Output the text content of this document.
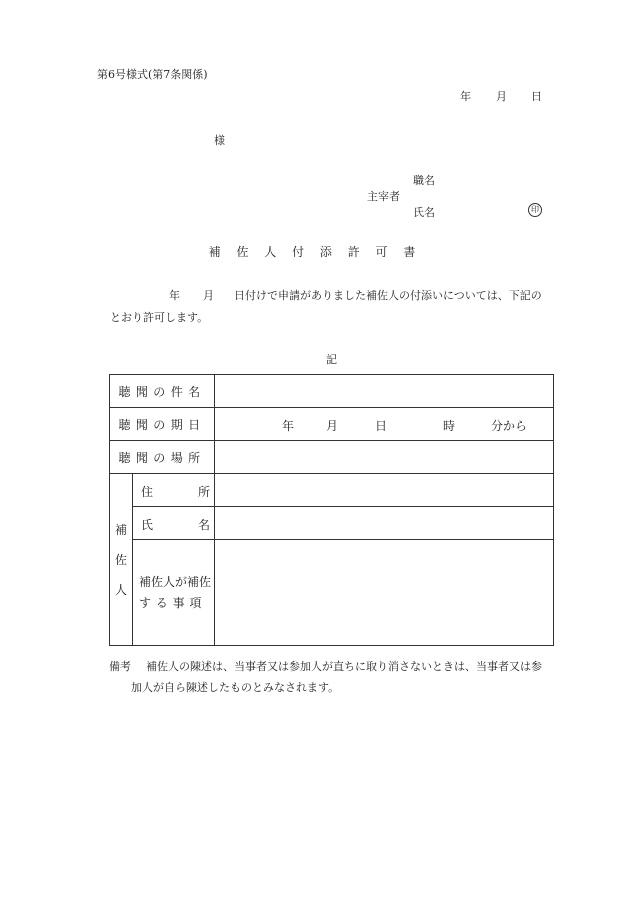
第6号様式(第7条関係)
年 月 日
様
職名
主宰者
氏名	印
補 佐 人 付 添 許 可 書
年 月 日付けで申請がありました補佐人の付添いについては、下記の
とおり許可します。
記
聴聞の件名		
聴聞の期日		年 月 日 時 分から

聴聞の場所		

補
佐
人	住 所	

	氏 名	

	補佐人が補佐
する事項	

備考 補佐人の陳述は、当事者又は参加人が直ちに取り消さないときは、当事者又は参
加人が自ら陳述したものとみなされます。
